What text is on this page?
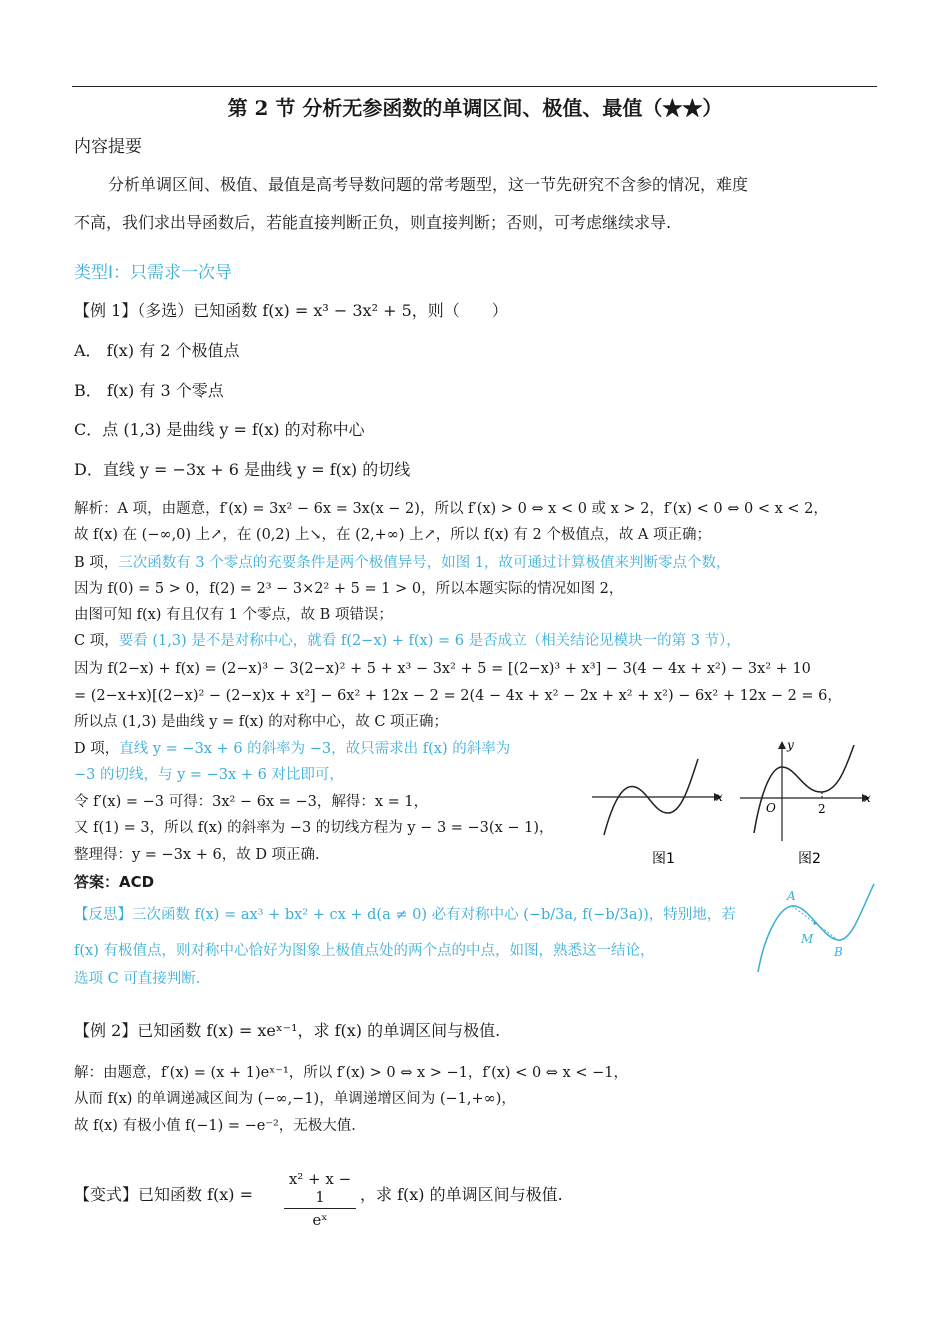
第 2 节 分析无参函数的单调区间、极值、最值（★★）
内容提要
分析单调区间、极值、最值是高考导数问题的常考题型，这一节先研究不含参的情况，难度
不高，我们求出导函数后，若能直接判断正负，则直接判断；否则，可考虑继续求导.
类型Ⅰ：只需求一次导
【例 1】（多选）已知函数 f(x) = x³ − 3x² + 5，则（　　）
A． f(x) 有 2 个极值点
B． f(x) 有 3 个零点
C．点 (1,3) 是曲线 y = f(x) 的对称中心
D．直线 y = −3x + 6 是曲线 y = f(x) 的切线
解析：A 项，由题意，f′(x) = 3x² − 6x = 3x(x − 2)，所以 f′(x) > 0 ⇔ x < 0 或 x > 2，f′(x) < 0 ⇔ 0 < x < 2，
故 f(x) 在 (−∞,0) 上↗，在 (0,2) 上↘，在 (2,+∞) 上↗，所以 f(x) 有 2 个极值点，故 A 项正确；
B 项，三次函数有 3 个零点的充要条件是两个极值异号，如图 1，故可通过计算极值来判断零点个数，
因为 f(0) = 5 > 0，f(2) = 2³ − 3×2² + 5 = 1 > 0，所以本题实际的情况如图 2，
由图可知 f(x) 有且仅有 1 个零点，故 B 项错误；
C 项，要看 (1,3) 是不是对称中心，就看 f(2−x) + f(x) = 6 是否成立（相关结论见模块一的第 3 节），
因为 f(2−x) + f(x) = (2−x)³ − 3(2−x)² + 5 + x³ − 3x² + 5 = [(2−x)³ + x³] − 3(4 − 4x + x²) − 3x² + 10
= (2−x+x)[(2−x)² − (2−x)x + x²] − 6x² + 12x − 2 = 2(4 − 4x + x² − 2x + x² + x²) − 6x² + 12x − 2 = 6，
所以点 (1,3) 是曲线 y = f(x) 的对称中心，故 C 项正确；
D 项，直线 y = −3x + 6 的斜率为 −3，故只需求出 f(x) 的斜率为
−3 的切线，与 y = −3x + 6 对比即可，
令 f′(x) = −3 可得：3x² − 6x = −3，解得：x = 1，
又 f(1) = 3，所以 f(x) 的斜率为 −3 的切线方程为 y − 3 = −3(x − 1)，
整理得：y = −3x + 6，故 D 项正确.
答案：ACD
【反思】三次函数 f(x) = ax³ + bx² + cx + d(a ≠ 0) 必有对称中心 (−b/3a, f(−b/3a))，特别地，若
f(x) 有极值点，则对称中心恰好为图象上极值点处的两个点的中点，如图，熟悉这一结论，
选项 C 可直接判断.
x
图1
x
y
O	2
图2
A
M
B
【例 2】已知函数 f(x) = xeˣ⁻¹，求 f(x) 的单调区间与极值.
解：由题意，f′(x) = (x + 1)eˣ⁻¹，所以 f′(x) > 0 ⇔ x > −1，f′(x) < 0 ⇔ x < −1，
从而 f(x) 的单调递减区间为 (−∞,−1)，单调递增区间为 (−1,+∞)，
故 f(x) 有极小值 f(−1) = −e⁻²，无极大值.
【变式】已知函数 f(x) =
x² + x − 1
eˣ
，求 f(x) 的单调区间与极值.
